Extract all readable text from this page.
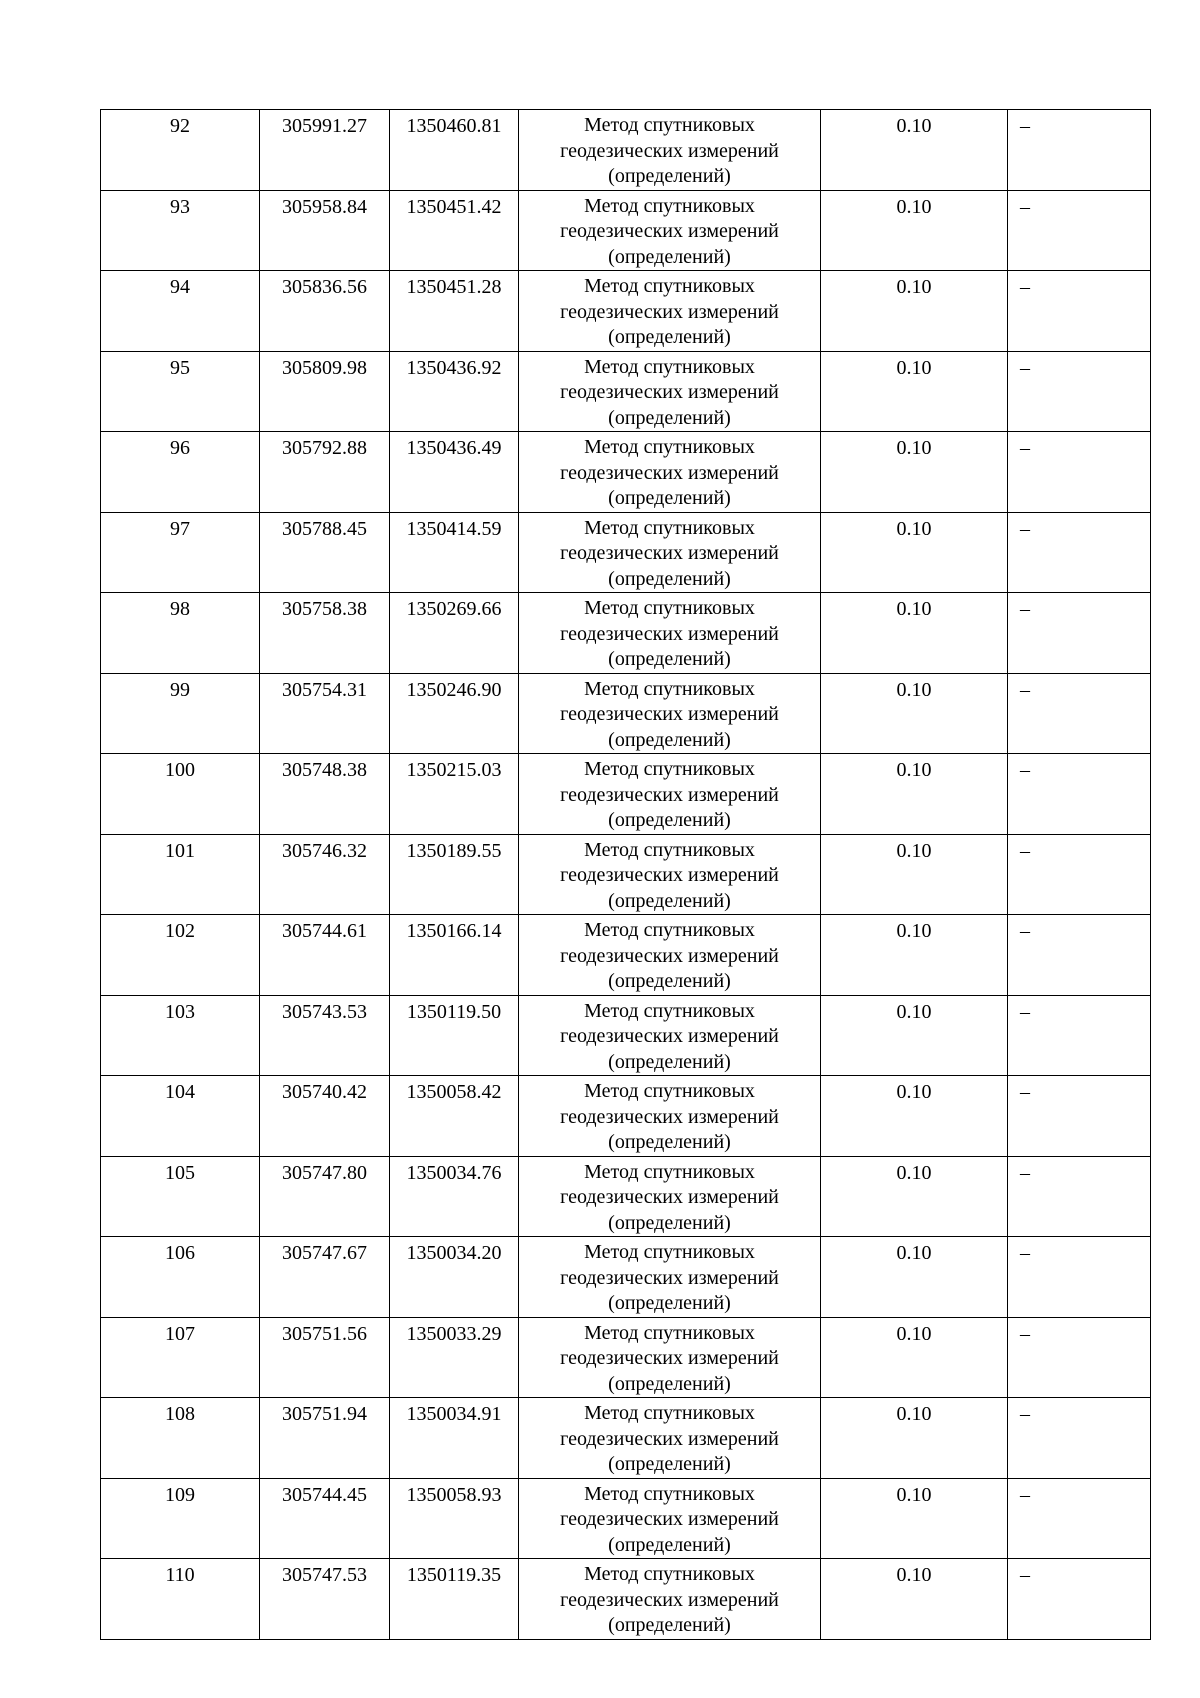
92	305991.27	1350460.81	Метод спутниковых
геодезических измерений
(определений)	0.10	–
93	305958.84	1350451.42	Метод спутниковых
геодезических измерений
(определений)	0.10	–
94	305836.56	1350451.28	Метод спутниковых
геодезических измерений
(определений)	0.10	–
95	305809.98	1350436.92	Метод спутниковых
геодезических измерений
(определений)	0.10	–
96	305792.88	1350436.49	Метод спутниковых
геодезических измерений
(определений)	0.10	–
97	305788.45	1350414.59	Метод спутниковых
геодезических измерений
(определений)	0.10	–
98	305758.38	1350269.66	Метод спутниковых
геодезических измерений
(определений)	0.10	–
99	305754.31	1350246.90	Метод спутниковых
геодезических измерений
(определений)	0.10	–
100	305748.38	1350215.03	Метод спутниковых
геодезических измерений
(определений)	0.10	–
101	305746.32	1350189.55	Метод спутниковых
геодезических измерений
(определений)	0.10	–
102	305744.61	1350166.14	Метод спутниковых
геодезических измерений
(определений)	0.10	–
103	305743.53	1350119.50	Метод спутниковых
геодезических измерений
(определений)	0.10	–
104	305740.42	1350058.42	Метод спутниковых
геодезических измерений
(определений)	0.10	–
105	305747.80	1350034.76	Метод спутниковых
геодезических измерений
(определений)	0.10	–
106	305747.67	1350034.20	Метод спутниковых
геодезических измерений
(определений)	0.10	–
107	305751.56	1350033.29	Метод спутниковых
геодезических измерений
(определений)	0.10	–
108	305751.94	1350034.91	Метод спутниковых
геодезических измерений
(определений)	0.10	–
109	305744.45	1350058.93	Метод спутниковых
геодезических измерений
(определений)	0.10	–
110	305747.53	1350119.35	Метод спутниковых
геодезических измерений
(определений)	0.10	–
